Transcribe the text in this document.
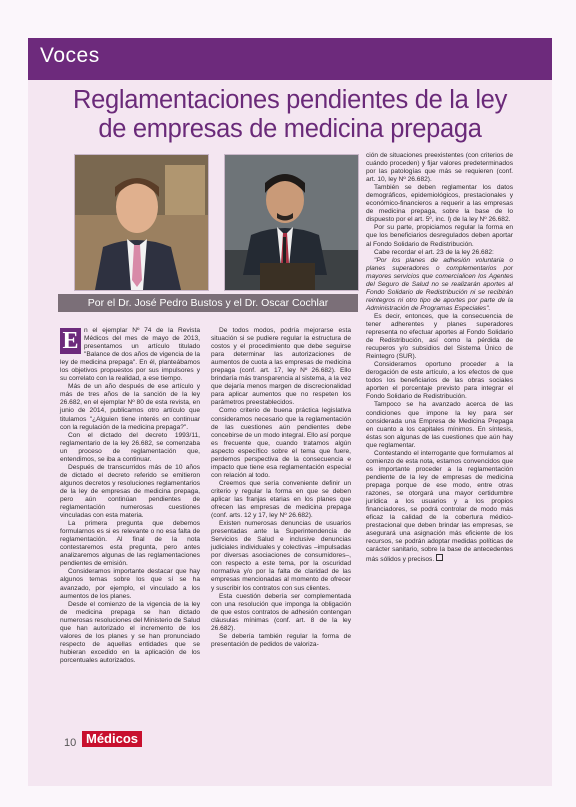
Voces
Reglamentaciones pendientes de la ley
de empresas de medicina prepaga
Por el Dr. José Pedro Bustos y el Dr. Oscar Cochlar

E n el ejemplar Nº 74 de la Revista Médicos del mes de mayo de 2013, presentamos un artículo titulado "Balance de dos años de vigencia de la ley de medicina prepaga". En él, planteábamos los objetivos propuestos por sus impulsores y su correlato con la realidad, a ese tiempo.

Más de un año después de ese artículo y más de tres años de la sanción de la ley 26.682, en el ejemplar Nº 80 de esta revista, en junio de 2014, publicamos otro artículo que titulamos "¿Alguien tiene interés en continuar con la regulación de la medicina prepaga?".

Con el dictado del decreto 1993/11, reglamentario de la ley 26.682, se comenzaba un proceso de reglamentación que, entendimos, se iba a continuar.

Después de transcurridos más de 10 años de dictado el decreto referido se emitieron algunos decretos y resoluciones reglamentarios de la ley de empresas de medicina prepaga, pero aún continúan pendientes de reglamentación numerosas cuestiones vinculadas con esta materia.

La primera pregunta que debemos formularnos es si es relevante o no esa falta de reglamentación. Al final de la nota contestaremos esta pregunta, pero antes analizaremos algunas de las reglamentaciones pendientes de emisión.

Consideramos importante destacar que hay algunos temas sobre los que sí se ha avanzado, por ejemplo, el vinculado a los aumentos de los planes.

Desde el comienzo de la vigencia de la ley de medicina prepaga se han dictado numerosas resoluciones del Ministerio de Salud que han autorizado el incremento de los valores de los planes y se han pronunciado respecto de aquellas entidades que se hubieran excedido en la aplicación de los porcentuales autorizados.

De todos modos, podría mejorarse esta situación si se pudiere regular la estructura de costos y el procedimiento que debe seguirse para determinar las autorizaciones de aumentos de cuota a las empresas de medicina prepaga (conf. art. 17, ley Nº 26.682). Ello brindaría más transparencia al sistema, a la vez que dejaría menos margen de discrecionalidad para aplicar aumentos que no respeten los parámetros preestablecidos.

Como criterio de buena práctica legislativa consideramos necesario que la reglamentación de las cuestiones aún pendientes debe concebirse de un modo integral. Ello así porque es frecuente que, cuando tratamos algún aspecto específico sobre el tema que fuere, perdemos perspectiva de la consecuencia e impacto que tiene esa reglamentación especial con relación al todo.

Creemos que sería conveniente definir un criterio y regular la forma en que se deben aplicar las franjas etarias en los planes que ofrecen las empresas de medicina prepaga (conf. arts. 12 y 17, ley Nº 26.682).

Existen numerosas denuncias de usuarios presentadas ante la Superintendencia de Servicios de Salud e inclusive denuncias judiciales individuales y colectivas –impulsadas por diversas asociaciones de consumidores–, con respecto a este tema, por la oscuridad normativa y/o por la falta de claridad de las empresas mencionadas al momento de ofrecer y suscribir los contratos con sus clientes.

Esta cuestión debería ser complementada con una resolución que imponga la obligación de que estos contratos de adhesión contengan cláusulas mínimas (conf. art. 8 de la ley 26.682).

Se debería también regular la forma de presentación de pedidos de valoriza-

ción de situaciones preexistentes (con criterios de cuándo proceden) y fijar valores predeterminados por las patologías que más se requieren (conf. art. 10, ley Nº 26.682).

También se deben reglamentar los datos demográficos, epidemiológicos, prestacionales y económico-financieros a requerir a las empresas de medicina prepaga, sobre la base de lo dispuesto por el art. 5º, inc. l) de la ley Nº 26.682.

Por su parte, propiciamos regular la forma en que los beneficiarios desregulados deben aportar al Fondo Solidario de Redistribución.

Cabe recordar el art. 23 de la ley 26.682:

"Por los planes de adhesión voluntaria o planes superadores o complementarios por mayores servicios que comercialicen los Agentes del Seguro de Salud no se realizarán aportes al Fondo Solidario de Redistribución ni se recibirán reintegros ni otro tipo de aportes por parte de la Administración de Programas Especiales".

Es decir, entonces, que la consecuencia de tener adherentes y planes superadores representa no efectuar aportes al Fondo Solidario de Redistribución, así como la pérdida de recuperos y/o subsidios del Sistema Único de Reintegro (SUR).

Consideramos oportuno proceder a la derogación de este artículo, a los efectos de que todos los beneficiarios de las obras sociales aporten el porcentaje previsto para integrar el Fondo Solidario de Redistribución.

Tampoco se ha avanzado acerca de las condiciones que impone la ley para ser considerada una Empresa de Medicina Prepaga en cuanto a los capitales mínimos. En síntesis, éstas son algunas de las cuestiones que aún hay que reglamentar.

Contestando el interrogante que formulamos al comienzo de esta nota, estamos convencidos que es importante proceder a la reglamentación pendiente de la ley de empresas de medicina prepaga porque de ese modo, entre otras razones, se otorgará una mayor certidumbre jurídica a los usuarios y a los propios financiadores, se podrá controlar de modo más eficaz la calidad de la cobertura médico-prestacional que deben brindar las empresas, se asegurará una asignación más eficiente de los recursos, se podrán adoptar medidas políticas de carácter sanitario, sobre la base de antecedentes más sólidos y precisos.

10 Médicos
